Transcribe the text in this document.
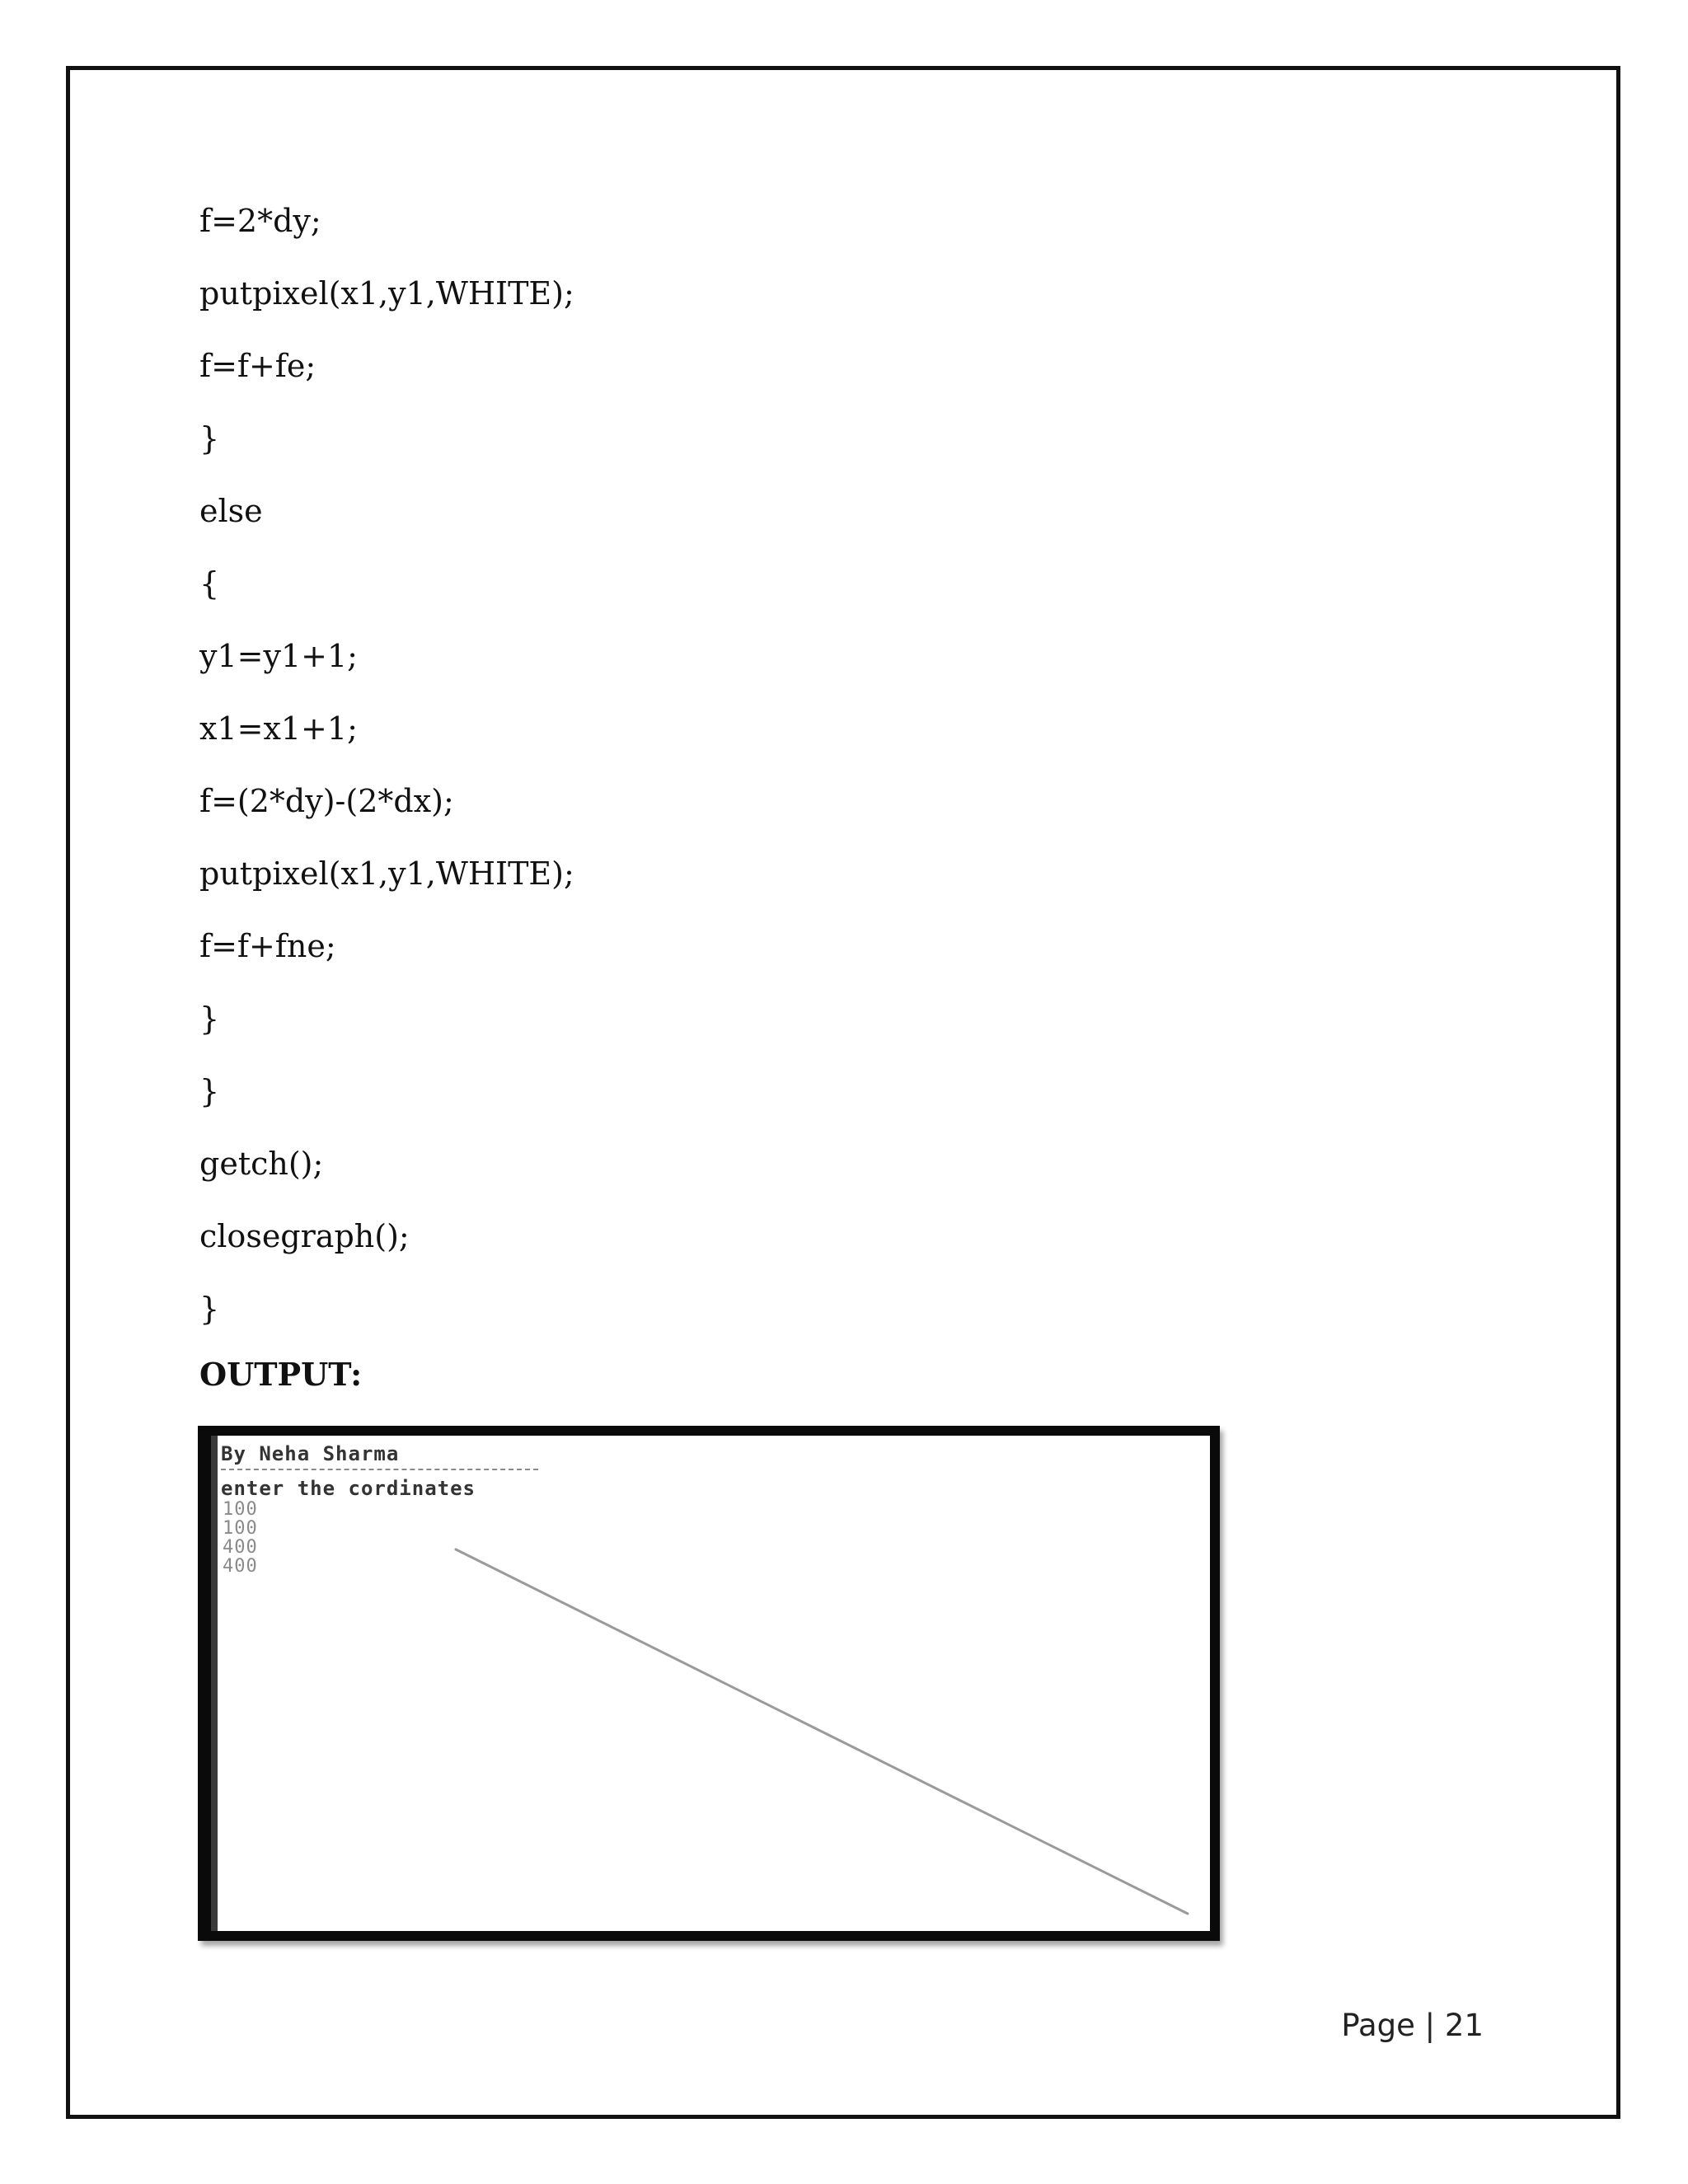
f=2*dy;
putpixel(x1,y1,WHITE);
f=f+fe;
}
else
{
y1=y1+1;
x1=x1+1;
f=(2*dy)-(2*dx);
putpixel(x1,y1,WHITE);
f=f+fne;
}
}
getch();
closegraph();
}
OUTPUT:
By Neha Sharma
enter the cordinates
100
100
400
400
Page | 21
